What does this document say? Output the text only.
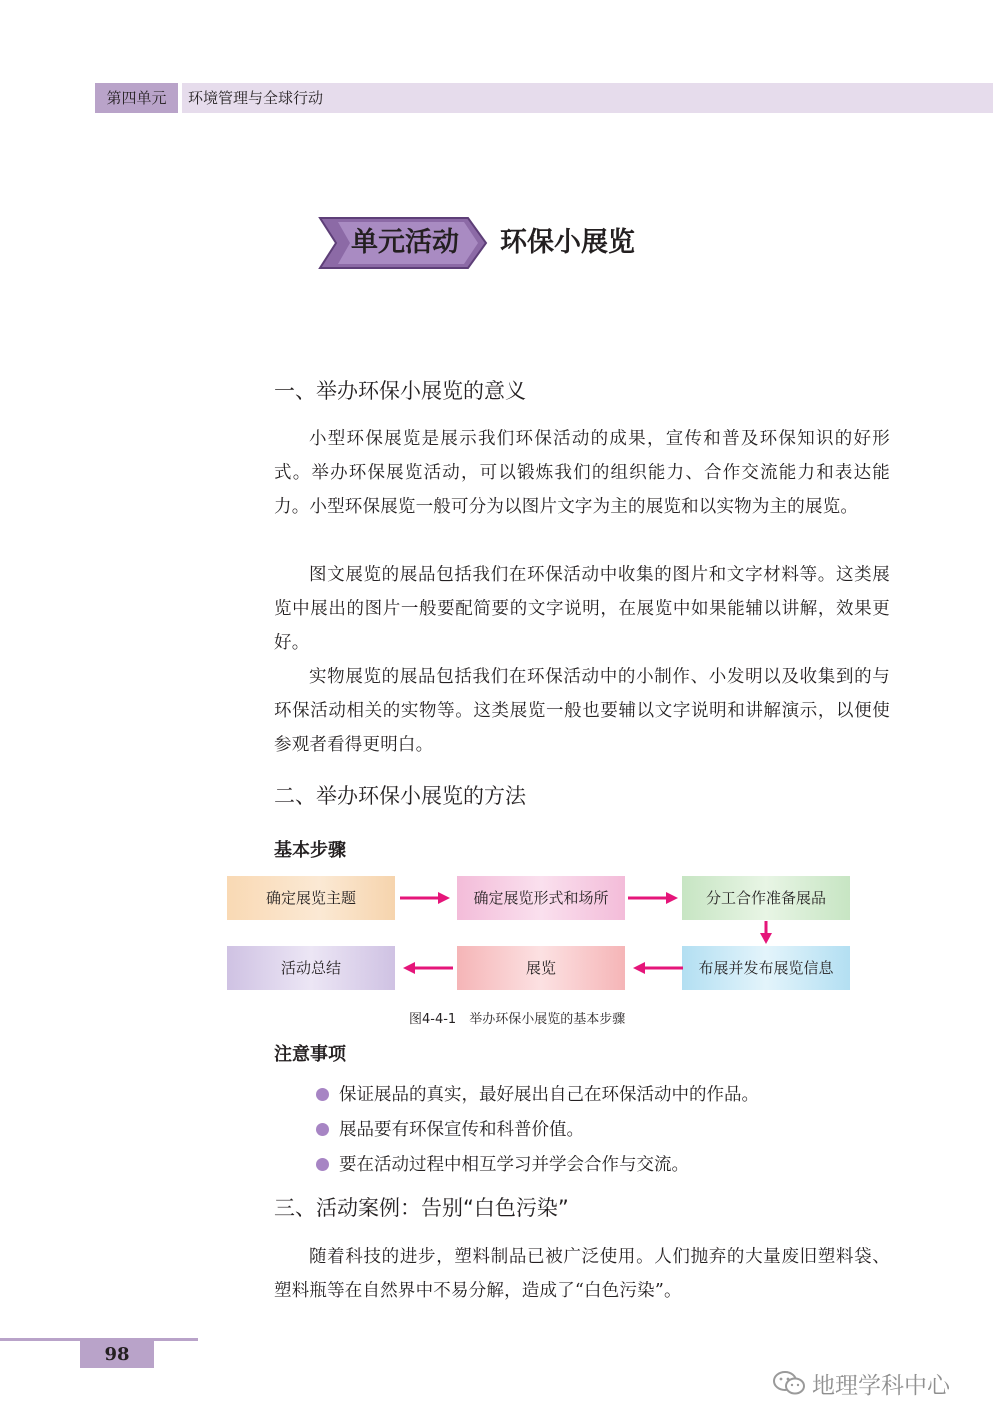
第四单元	环境管理与全球行动
单元活动	环保小展览
一、举办环保小展览的意义

小型环保展览是展示我们环保活动的成果，宣传和普及环保知识的好形式。举办环保展览活动，可以锻炼我们的组织能力、合作交流能力和表达能力。小型环保展览一般可分为以图片文字为主的展览和以实物为主的展览。

图文展览的展品包括我们在环保活动中收集的图片和文字材料等。这类展览中展出的图片一般要配简要的文字说明，在展览中如果能辅以讲解，效果更好。

实物展览的展品包括我们在环保活动中的小制作、小发明以及收集到的与环保活动相关的实物等。这类展览一般也要辅以文字说明和讲解演示，以便使参观者看得更明白。

二、举办环保小展览的方法
基本步骤
确定展览主题	确定展览形式和场所	分工合作准备展品
布展并发布展览信息
展览
活动总结
图4-4-1　举办环保小展览的基本步骤
注意事项
保证展品的真实，最好展出自己在环保活动中的作品。
展品要有环保宣传和科普价值。
要在活动过程中相互学习并学会合作与交流。
三、活动案例：告别“白色污染”

随着科技的进步，塑料制品已被广泛使用。人们抛弃的大量废旧塑料袋、塑料瓶等在自然界中不易分解，造成了“白色污染”。

98
地理学科中心
